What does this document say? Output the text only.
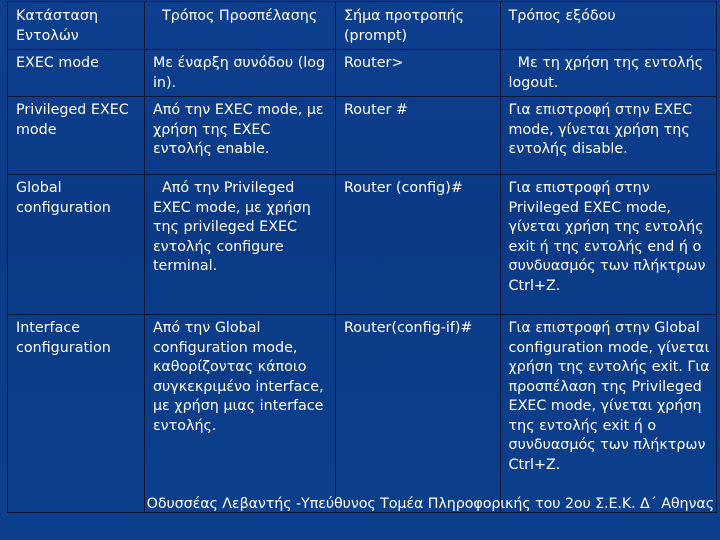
Κατάσταση Εντολών	Τρόπος Προσπέλασης	Σήμα προτροπής (prompt)	Τρόπος εξόδου
EXEC mode	Με έναρξη συνόδου (log in).	Router>	Με τη χρήση της εντολής logout.
Privileged EXEC mode	Από την EXEC mode, με χρήση της EXEC εντολής enable.	Router #	Για επιστροφή στην EXEC mode, γίνεται χρήση της εντολής disable.
Global configuration	Από την Privileged EXEC mode, με χρήση της privileged EXEC εντολής configure terminal.	Router (config)#	Για επιστροφή στην Privileged EXEC mode, γίνεται χρήση της εντολής exit ή της εντολής end ή ο συνδυασμός των πλήκτρων Ctrl+Z.
Interface configuration	Από την Global configuration mode, καθορίζοντας κάποιο συγκεκριμένο interface, με χρήση μιας interface εντολής.	Router(config-if)#	Για επιστροφή στην Global configuration mode, γίνεται χρήση της εντολής exit. Για προσπέλαση της Privileged EXEC mode, γίνεται χρήση της εντολής exit ή ο συνδυασμός των πλήκτρων Ctrl+Z.
Οδυσσέας Λεβαντής -Υπεύθυνος Τομέα Πληροφορικής του 2ου Σ.Ε.Κ. Δ΄ Αθηνας
